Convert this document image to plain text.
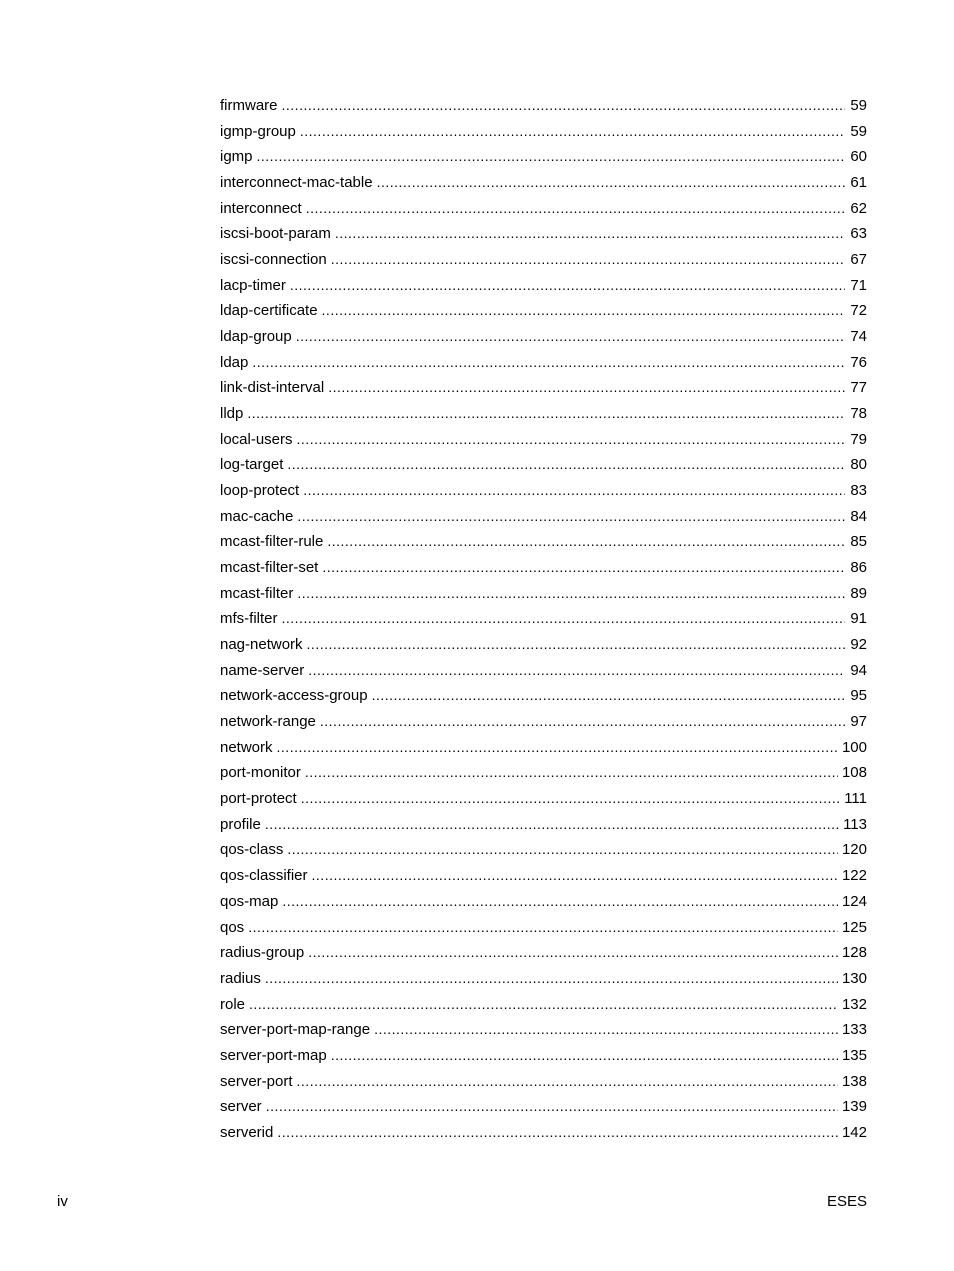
firmware .....	59
igmp-group .....	59
igmp .....	60
interconnect-mac-table .....	61
interconnect .....	62
iscsi-boot-param .....	63
iscsi-connection .....	67
lacp-timer .....	71
ldap-certificate .....	72
ldap-group .....	74
ldap .....	76
link-dist-interval .....	77
lldp .....	78
local-users .....	79
log-target .....	80
loop-protect .....	83
mac-cache .....	84
mcast-filter-rule .....	85
mcast-filter-set .....	86
mcast-filter .....	89
mfs-filter .....	91
nag-network .....	92
name-server .....	94
network-access-group .....	95
network-range .....	97
network .....	100
port-monitor .....	108
port-protect .....	111
profile .....	113
qos-class .....	120
qos-classifier .....	122
qos-map .....	124
qos .....	125
radius-group .....	128
radius .....	130
role .....	132
server-port-map-range .....	133
server-port-map .....	135
server-port .....	138
server .....	139
serverid .....	142
iv	ESES
